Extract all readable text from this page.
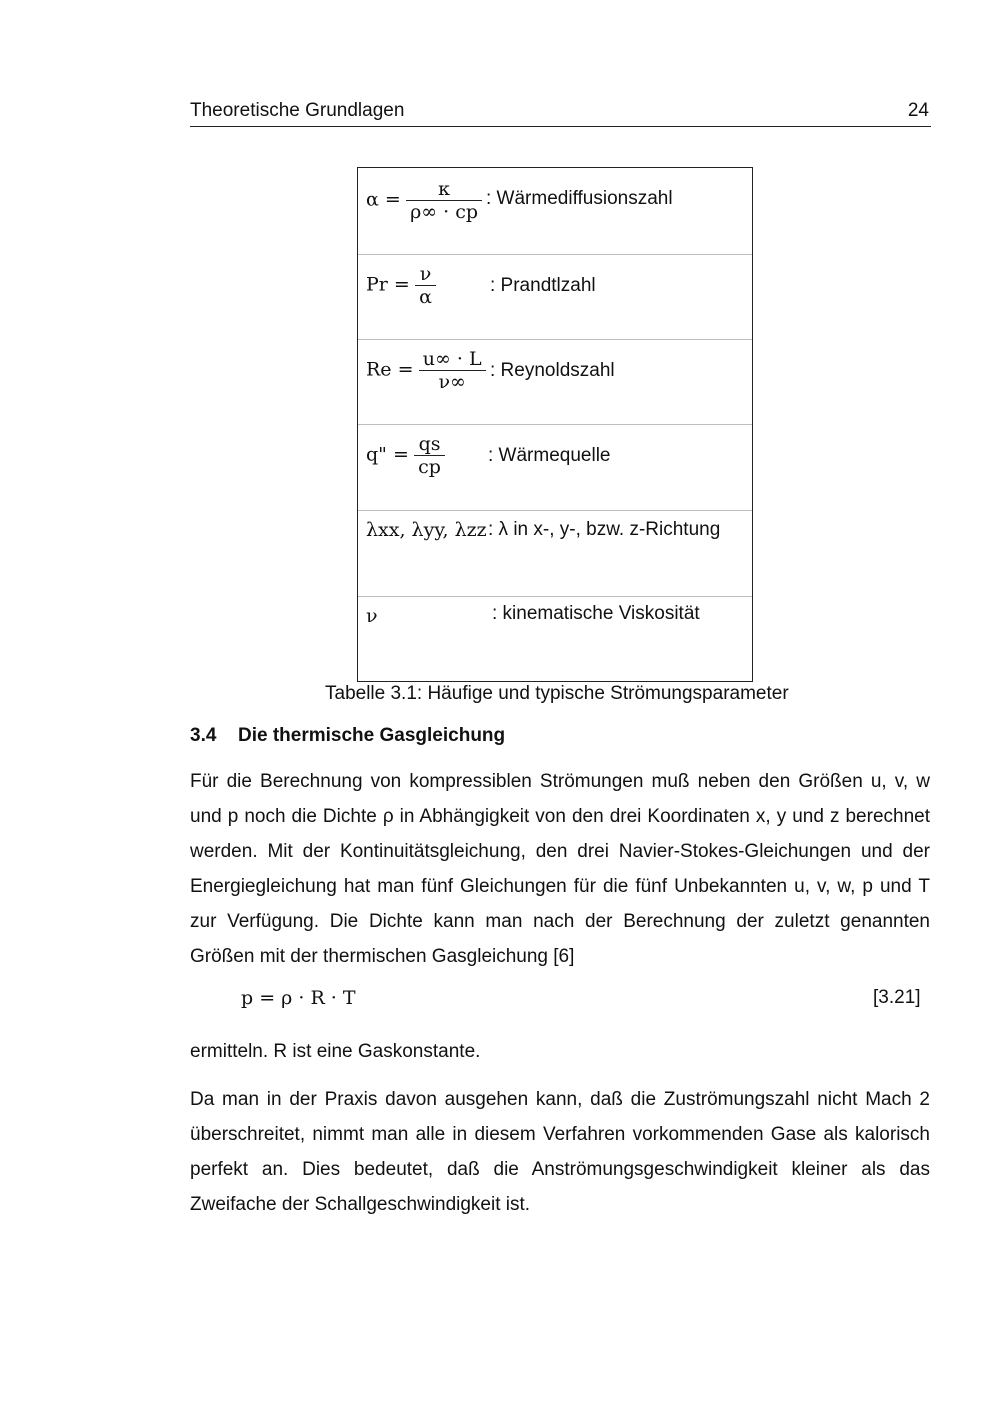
Theoretische Grundlagen	24
$\alpha = \frac{\kappa}{\rho\infty \cdot cp}$ : Wärmediffusionszahl
$Pr = \frac{\nu}{\alpha}$	: Prandtlzahl
$Re = \frac{u\infty \cdot L}{\nu\infty}$ : Reynoldszahl
q" = $\frac{qs}{cp}$ : Wärmequelle
λxx, λyy, λzz : λ in x-, y-, bzw. z-Richtung
ν	: kinematische Viskosität
Tabelle 3.1: Häufige und typische Strömungsparameter
3.4 Die thermische Gasgleichung

Für die Berechnung von kompressiblen Strömungen muß neben den Größen u, v, w und p noch die Dichte ρ in Abhängigkeit von den drei Koordinaten x, y und z berechnet werden. Mit der Kontinuitätsgleichung, den drei Navier-Stokes-Gleichungen und der Energiegleichung hat man fünf Gleichungen für die fünf Unbekannten u, v, w, p und T zur Verfügung. Die Dichte kann man nach der Berechnung der zuletzt genannten Größen mit der thermischen Gasgleichung [6]

p = ρ · R · T	[3.21]

ermitteln. R ist eine Gaskonstante.

Da man in der Praxis davon ausgehen kann, daß die Zuströmungszahl nicht Mach 2 überschreitet, nimmt man alle in diesem Verfahren vorkommenden Gase als kalorisch perfekt an. Dies bedeutet, daß die Anströmungsgeschwindigkeit kleiner als das Zweifache der Schallgeschwindigkeit ist.
